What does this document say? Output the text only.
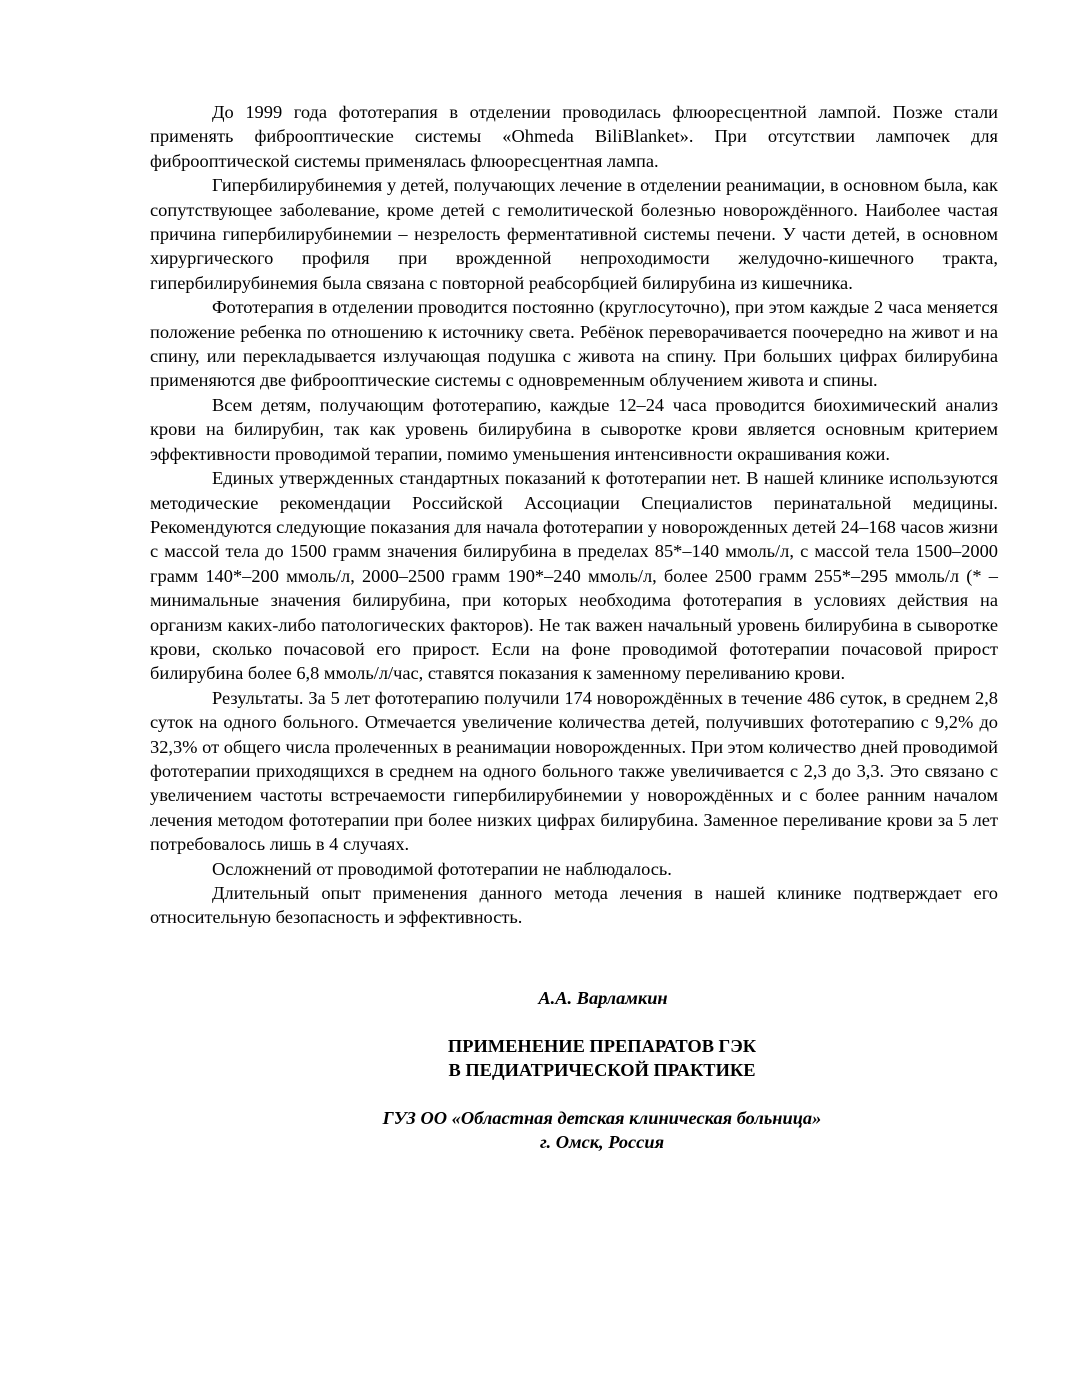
До 1999 года фототерапия в отделении проводилась флюоресцентной лампой. Позже стали применять фиброоптические системы «Ohmeda BiliBlanket». При отсутствии лампочек для фиброоптической системы применялась флюоресцентная лампа.

Гипербилирубинемия у детей, получающих лечение в отделении реанимации, в основном была, как сопутствующее заболевание, кроме детей с гемолитической болезнью новорождённого. Наиболее частая причина гипербилирубинемии – незрелость ферментативной системы печени. У части детей, в основном хирургического профиля при врожденной непроходимости желудочно-кишечного тракта, гипербилирубинемия была связана с повторной реабсорбцией билирубина из кишечника.

Фототерапия в отделении проводится постоянно (круглосуточно), при этом каждые 2 часа меняется положение ребенка по отношению к источнику света. Ребёнок переворачивается поочередно на живот и на спину, или перекладывается излучающая подушка с живота на спину. При больших цифрах билирубина применяются две фиброоптические системы с одновременным облучением живота и спины.

Всем детям, получающим фототерапию, каждые 12–24 часа проводится биохимический анализ крови на билирубин, так как уровень билирубина в сыворотке крови является основным критерием эффективности проводимой терапии, помимо уменьшения интенсивности окрашивания кожи.

Единых утвержденных стандартных показаний к фототерапии нет. В нашей клинике используются методические рекомендации Российской Ассоциации Специалистов перинатальной медицины. Рекомендуются следующие показания для начала фототерапии у новорожденных детей 24–168 часов жизни с массой тела до 1500 грамм значения билирубина в пределах 85*–140 ммоль/л, с массой тела 1500–2000 грамм 140*–200 ммоль/л, 2000–2500 грамм 190*–240 ммоль/л, более 2500 грамм 255*–295 ммоль/л (* – минимальные значения билирубина, при которых необходима фототерапия в условиях действия на организм каких-либо патологических факторов). Не так важен начальный уровень билирубина в сыворотке крови, сколько почасовой его прирост. Если на фоне проводимой фототерапии почасовой прирост билирубина более 6,8 ммоль/л/час, ставятся показания к заменному переливанию крови.

Результаты. За 5 лет фототерапию получили 174 новорождённых в течение 486 суток, в среднем 2,8 суток на одного больного. Отмечается увеличение количества детей, получивших фототерапию с 9,2% до 32,3% от общего числа пролеченных в реанимации новорожденных. При этом количество дней проводимой фототерапии приходящихся в среднем на одного больного также увеличивается с 2,3 до 3,3. Это связано с увеличением частоты встречаемости гипербилирубинемии у новорождённых и с более ранним началом лечения методом фототерапии при более низких цифрах билирубина. Заменное переливание крови за 5 лет потребовалось лишь в 4 случаях.

Осложнений от проводимой фототерапии не наблюдалось.

Длительный опыт применения данного метода лечения в нашей клинике подтверждает его относительную безопасность и эффективность.

А.А. Варламкин

ПРИМЕНЕНИЕ ПРЕПАРАТОВ ГЭК
В ПЕДИАТРИЧЕСКОЙ ПРАКТИКЕ

ГУЗ ОО «Областная детская клиническая больница»
г. Омск, Россия
